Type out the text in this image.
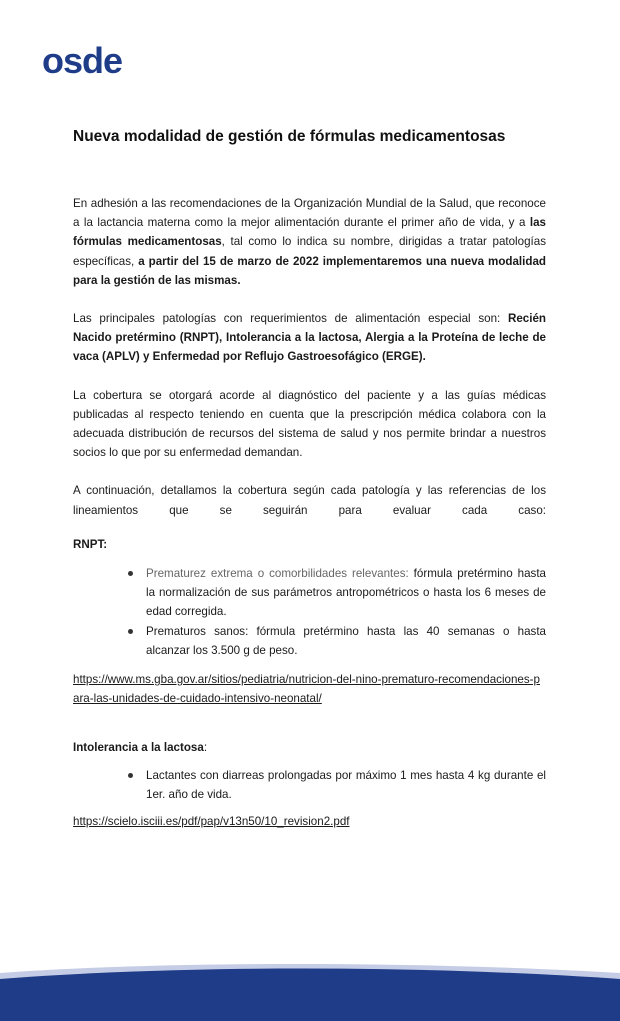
osde
Nueva modalidad de gestión de fórmulas medicamentosas

En adhesión a las recomendaciones de la Organización Mundial de la Salud, que reconoce a la lactancia materna como la mejor alimentación durante el primer año de vida, y a las fórmulas medicamentosas, tal como lo indica su nombre, dirigidas a tratar patologías específicas, a partir del 15 de marzo de 2022 implementaremos una nueva modalidad para la gestión de las mismas.

Las principales patologías con requerimientos de alimentación especial son: Recién Nacido pretérmino (RNPT), Intolerancia a la lactosa, Alergia a la Proteína de leche de vaca (APLV) y Enfermedad por Reflujo Gastroesofágico (ERGE).

La cobertura se otorgará acorde al diagnóstico del paciente y a las guías médicas publicadas al respecto teniendo en cuenta que la prescripción médica colabora con la adecuada distribución de recursos del sistema de salud y nos permite brindar a nuestros socios lo que por su enfermedad demandan.

A continuación, detallamos la cobertura según cada patología y las referencias de los lineamientos que se seguirán para evaluar cada caso:

RNPT:

Prematurez extrema o comorbilidades relevantes: fórmula pretérmino hasta la normalización de sus parámetros antropométricos o hasta los 6 meses de edad corregida.
Prematuros sanos: fórmula pretérmino hasta las 40 semanas o hasta alcanzar los 3.500 g de peso.

https://www.ms.gba.gov.ar/sitios/pediatria/nutricion-del-nino-prematuro-recomendaciones-para-las-unidades-de-cuidado-intensivo-neonatal/

Intolerancia a la lactosa:

Lactantes con diarreas prolongadas por máximo 1 mes hasta 4 kg durante el 1er. año de vida.

https://scielo.isciii.es/pdf/pap/v13n50/10_revision2.pdf
